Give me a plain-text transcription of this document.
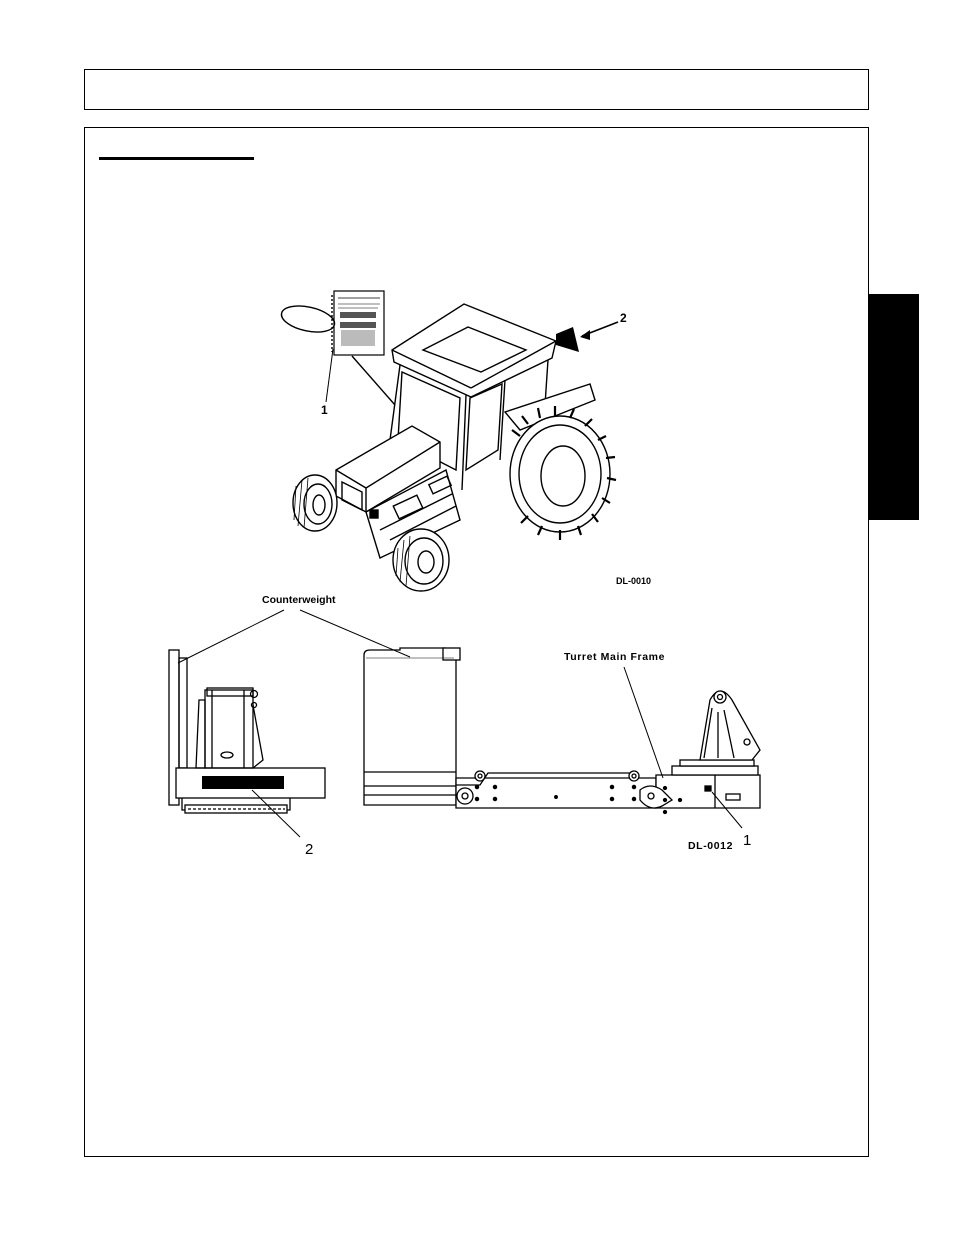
1
2
DL-0010
Counterweight
Turret Main Frame
2
1
DL-0012
